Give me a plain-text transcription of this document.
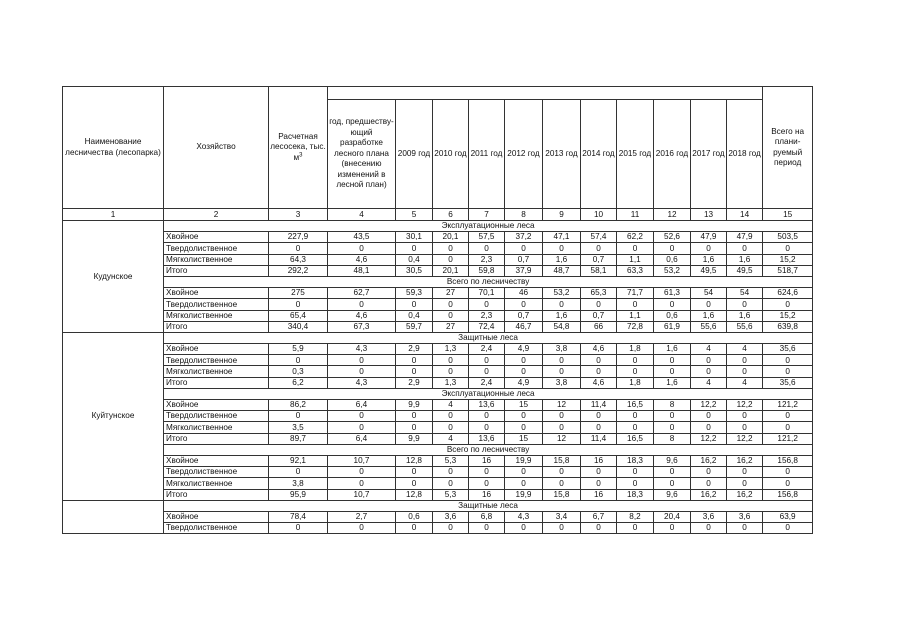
Наименование лесничества (лесопарка)	Хозяйство	Расчетная лесосека, тыс. $м^3$												Всего на плани-руемый период
			год, предшеству-ющий разработке лесного плана (внесению изменений в лесной план)	2009 год	2010 год	2011 год	2012 год	2013 год	2014 год	2015 год	2016 год	2017 год	2018 год	
1	2	3	4	5	6	7	8	9	10	11	12	13	14	15
Кудунское	Эксплуатационные леса													
	Хвойное	227,9	43,5	30,1	20,1	57,5	37,2	47,1	57,4	62,2	52,6	47,9	47,9	503,5
	Твердолиственное	0	0	0	0	0	0	0	0	0	0	0	0	0
	Мягколиственное	64,3	4,6	0,4	0	2,3	0,7	1,6	0,7	1,1	0,6	1,6	1,6	15,2
	Итого	292,2	48,1	30,5	20,1	59,8	37,9	48,7	58,1	63,3	53,2	49,5	49,5	518,7
	Всего по лесничеству													
	Хвойное	275	62,7	59,3	27	70,1	46	53,2	65,3	71,7	61,3	54	54	624,6
	Твердолиственное	0	0	0	0	0	0	0	0	0	0	0	0	0
	Мягколиственное	65,4	4,6	0,4	0	2,3	0,7	1,6	0,7	1,1	0,6	1,6	1,6	15,2
	Итого	340,4	67,3	59,7	27	72,4	46,7	54,8	66	72,8	61,9	55,6	55,6	639,8
Куйтунское	Защитные леса													
	Хвойное	5,9	4,3	2,9	1,3	2,4	4,9	3,8	4,6	1,8	1,6	4	4	35,6
	Твердолиственное	0	0	0	0	0	0	0	0	0	0	0	0	0
	Мягколиственное	0,3	0	0	0	0	0	0	0	0	0	0	0	0
	Итого	6,2	4,3	2,9	1,3	2,4	4,9	3,8	4,6	1,8	1,6	4	4	35,6
	Эксплуатационные леса													
	Хвойное	86,2	6,4	9,9	4	13,6	15	12	11,4	16,5	8	12,2	12,2	121,2
	Твердолиственное	0	0	0	0	0	0	0	0	0	0	0	0	0
	Мягколиственное	3,5	0	0	0	0	0	0	0	0	0	0	0	0
	Итого	89,7	6,4	9,9	4	13,6	15	12	11,4	16,5	8	12,2	12,2	121,2
	Всего по лесничеству													
	Хвойное	92,1	10,7	12,8	5,3	16	19,9	15,8	16	18,3	9,6	16,2	16,2	156,8
	Твердолиственное	0	0	0	0	0	0	0	0	0	0	0	0	0
	Мягколиственное	3,8	0	0	0	0	0	0	0	0	0	0	0	0
	Итого	95,9	10,7	12,8	5,3	16	19,9	15,8	16	18,3	9,6	16,2	16,2	156,8
	Защитные леса													
	Хвойное	78,4	2,7	0,6	3,6	6,8	4,3	3,4	6,7	8,2	20,4	3,6	3,6	63,9
	Твердолиственное	0	0	0	0	0	0	0	0	0	0	0	0	0
